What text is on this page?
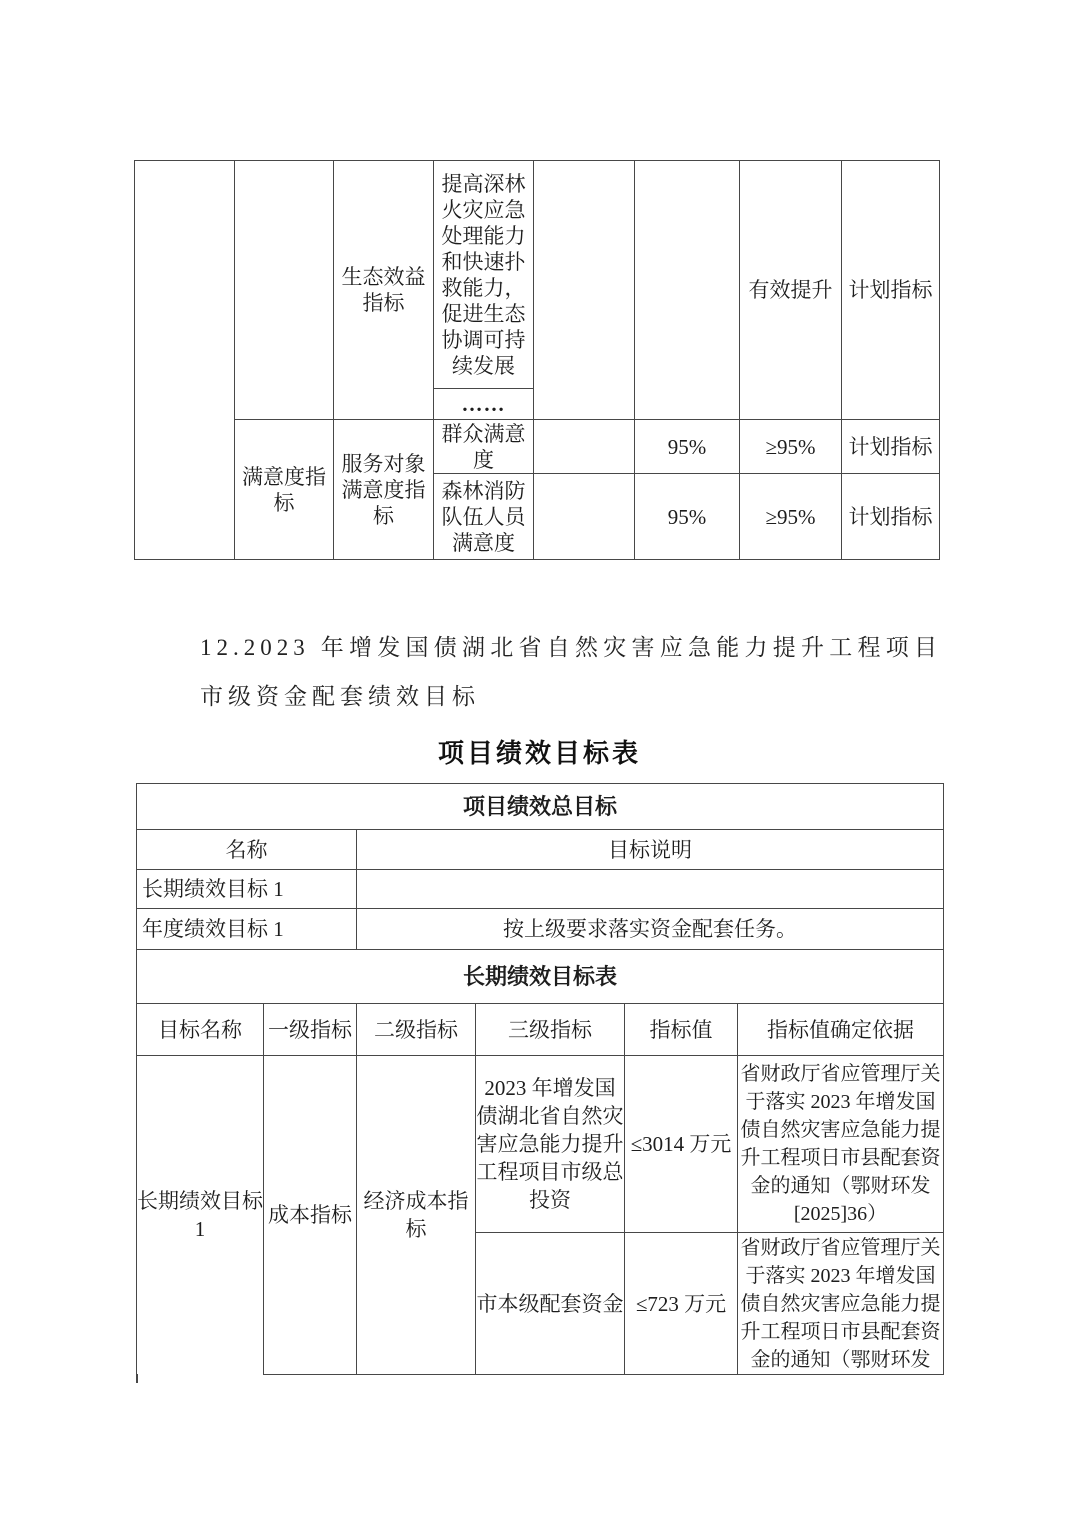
		生态效益指标	提高深林火灾应急处理能力和快速扑救能力，促进生态协调可持续发展			有效提升	计划指标
			……				
	满意度指标	服务对象满意度指标	群众满意度		95%	≥95%	计划指标
			森林消防队伍人员满意度		95%	≥95%	计划指标
12.2023 年增发国债湖北省自然灾害应急能力提升工程项目市级资金配套绩效目标
项目绩效目标表
项目绩效总目标					
名称		目标说明			
长期绩效目标 1					
年度绩效目标 1		按上级要求落实资金配套任务。			
长期绩效目标表					
目标名称	一级指标	二级指标	三级指标	指标值	指标值确定依据
长期绩效目标 1	成本指标	经济成本指标	2023 年增发国债湖北省自然灾害应急能力提升工程项目市级总投资	≤3014 万元	省财政厅省应管理厅关于落实 2023 年增发国债自然灾害应急能力提升工程项日市县配套资金的通知（鄂财环发[2025]36）
			市本级配套资金	≤723 万元	省财政厅省应管理厅关于落实 2023 年增发国债自然灾害应急能力提升工程项日市县配套资金的通知（鄂财环发
